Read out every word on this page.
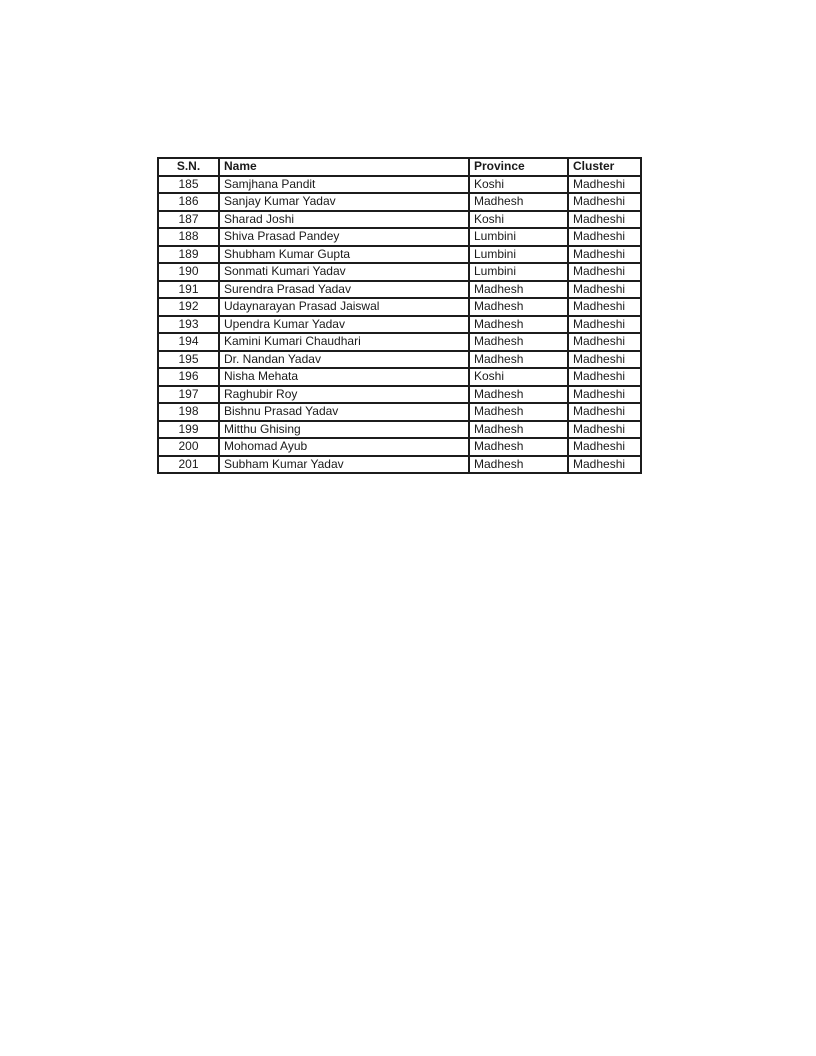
S.N.	Name	Province	Cluster
185	Samjhana Pandit	Koshi	Madheshi
186	Sanjay Kumar Yadav	Madhesh	Madheshi
187	Sharad Joshi	Koshi	Madheshi
188	Shiva Prasad Pandey	Lumbini	Madheshi
189	Shubham Kumar Gupta	Lumbini	Madheshi
190	Sonmati Kumari Yadav	Lumbini	Madheshi
191	Surendra Prasad Yadav	Madhesh	Madheshi
192	Udaynarayan Prasad Jaiswal	Madhesh	Madheshi
193	Upendra Kumar Yadav	Madhesh	Madheshi
194	Kamini Kumari Chaudhari	Madhesh	Madheshi
195	Dr. Nandan Yadav	Madhesh	Madheshi
196	Nisha Mehata	Koshi	Madheshi
197	Raghubir Roy	Madhesh	Madheshi
198	Bishnu Prasad Yadav	Madhesh	Madheshi
199	Mitthu Ghising	Madhesh	Madheshi
200	Mohomad Ayub	Madhesh	Madheshi
201	Subham Kumar Yadav	Madhesh	Madheshi
